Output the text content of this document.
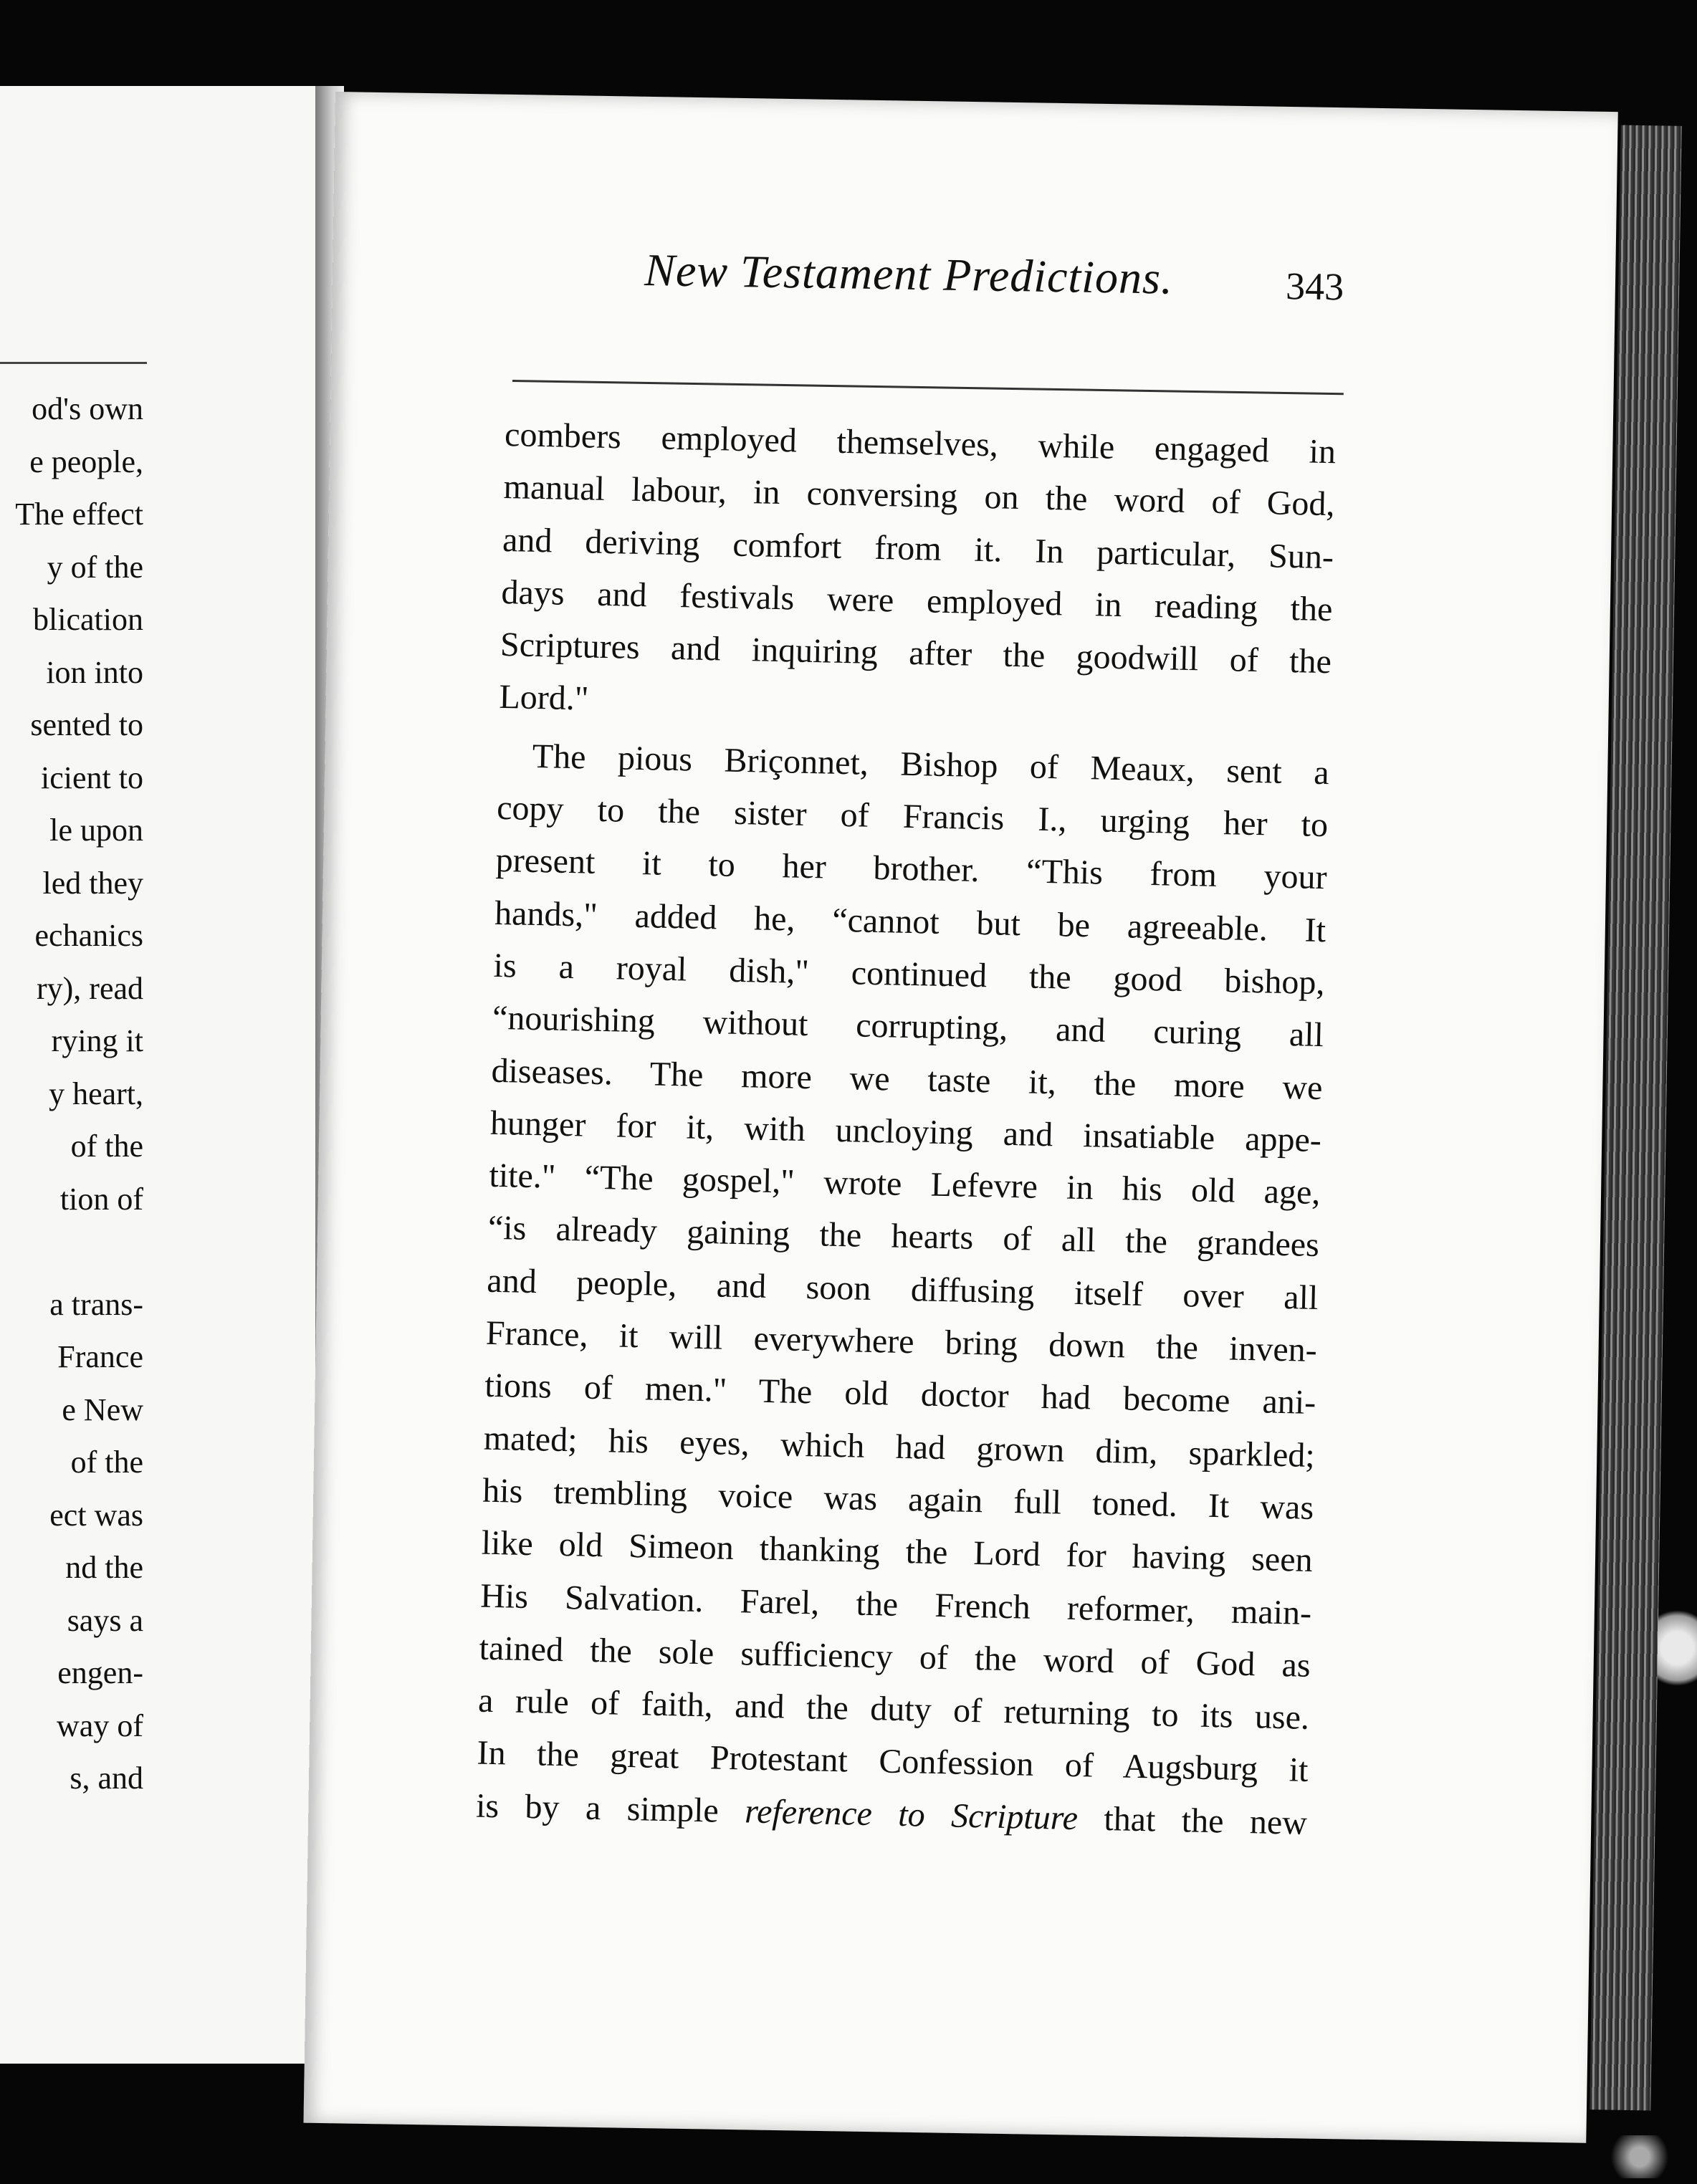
od's own
e people,
The effect
y of the
blication
ion into
sented to
icient to
le upon
led they
echanics
ry), read
rying it
y heart,
of the
tion of
a trans-
France
e New
of the
ect was
nd the
says a
engen-
way of
s, and
New Testament Predictions.	343
combers employed themselves, while engaged in
manual labour, in conversing on the word of God,
and deriving comfort from it. In particular, Sun-
days and festivals were employed in reading the
Scriptures and inquiring after the goodwill of the
Lord."
The pious Briçonnet, Bishop of Meaux, sent a
copy to the sister of Francis I., urging her to
present it to her brother. “This from your
hands," added he, “cannot but be agreeable. It
is a royal dish," continued the good bishop,
“nourishing without corrupting, and curing all
diseases. The more we taste it, the more we
hunger for it, with uncloying and insatiable appe-
tite." “The gospel," wrote Lefevre in his old age,
“is already gaining the hearts of all the grandees
and people, and soon diffusing itself over all
France, it will everywhere bring down the inven-
tions of men." The old doctor had become ani-
mated; his eyes, which had grown dim, sparkled;
his trembling voice was again full toned. It was
like old Simeon thanking the Lord for having seen
His Salvation. Farel, the French reformer, main-
tained the sole sufficiency of the word of God as
a rule of faith, and the duty of returning to its use.
In the great Protestant Confession of Augsburg it
is by a simple reference to Scripture that the new
